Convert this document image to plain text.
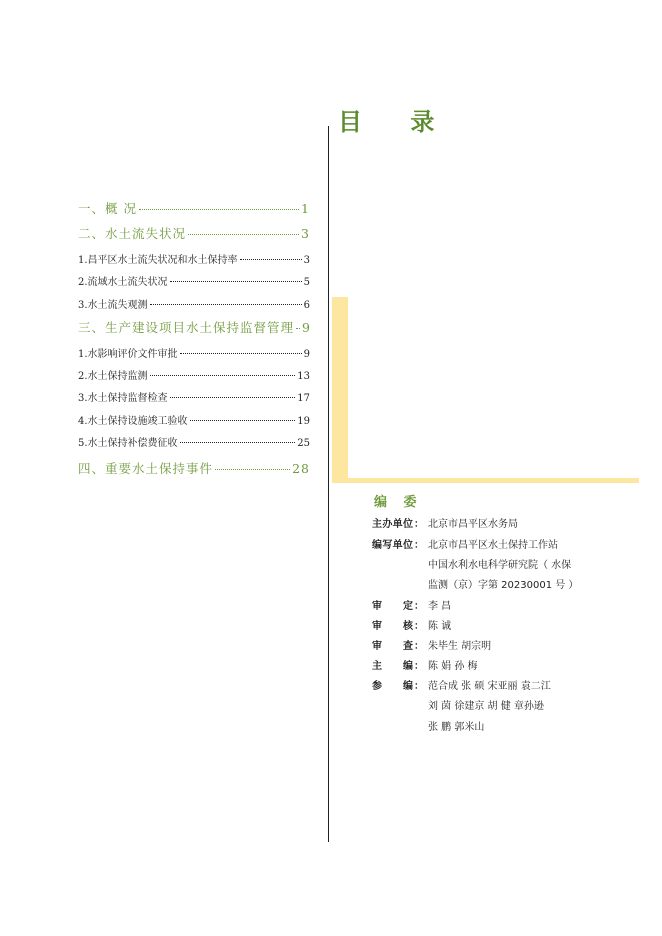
目 录
一、概 况	1
二、水土流失状况	3
1.昌平区水土流失状况和水土保持率	3
2.流域水土流失状况	5
3.水土流失观测	6
三、生产建设项目水土保持监督管理 9
1.水影响评价文件审批	9
2.水土保持监测	13
3.水土保持监督检查	17
4.水土保持设施竣工验收	19
5.水土保持补偿费征收	25
四、重要水土保持事件	28
编 委
主 办 单 位： 北京市昌平区水务局
编 写 单 位： 北京市昌平区水土保持工作站
中国水利水电科学研究院（ 水保
监测（京）字第 20230001 号 ）
审 定： 李 昌
审 核： 陈 诚
审 查： 朱毕生 胡宗明
主 编： 陈 娟 孙 梅
参 编： 范合成 张 硕 宋亚丽 袁二江
刘 茵 徐建京 胡 健 章孙逊
张 鹏 郭米山
